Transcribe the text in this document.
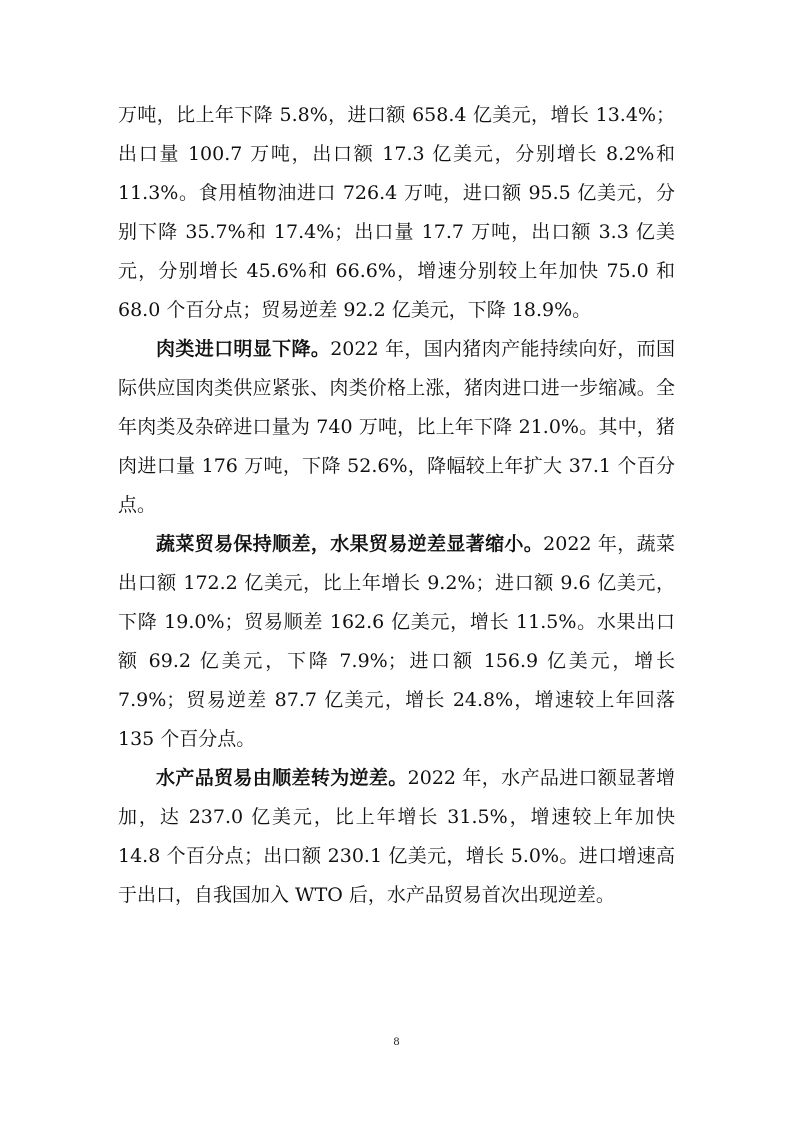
万吨，比上年下降 5.8%，进口额 658.4 亿美元，增长 13.4%；出口量 100.7 万吨，出口额 17.3 亿美元，分别增长 8.2%和 11.3%。食用植物油进口 726.4 万吨，进口额 95.5 亿美元，分别下降 35.7%和 17.4%；出口量 17.7 万吨，出口额 3.3 亿美元，分别增长 45.6%和 66.6%，增速分别较上年加快 75.0 和 68.0 个百分点；贸易逆差 92.2 亿美元，下降 18.9%。

肉类进口明显下降。2022 年，国内猪肉产能持续向好，而国际供应国肉类供应紧张、肉类价格上涨，猪肉进口进一步缩减。全年肉类及杂碎进口量为 740 万吨，比上年下降 21.0%。其中，猪肉进口量 176 万吨，下降 52.6%，降幅较上年扩大 37.1 个百分点。

蔬菜贸易保持顺差，水果贸易逆差显著缩小。2022 年，蔬菜出口额 172.2 亿美元，比上年增长 9.2%；进口额 9.6 亿美元，下降 19.0%；贸易顺差 162.6 亿美元，增长 11.5%。水果出口额 69.2 亿美元，下降 7.9%；进口额 156.9 亿美元，增长 7.9%；贸易逆差 87.7 亿美元，增长 24.8%，增速较上年回落 135 个百分点。

水产品贸易由顺差转为逆差。2022 年，水产品进口额显著增加，达 237.0 亿美元，比上年增长 31.5%，增速较上年加快 14.8 个百分点；出口额 230.1 亿美元，增长 5.0%。进口增速高于出口，自我国加入 WTO 后，水产品贸易首次出现逆差。

8
